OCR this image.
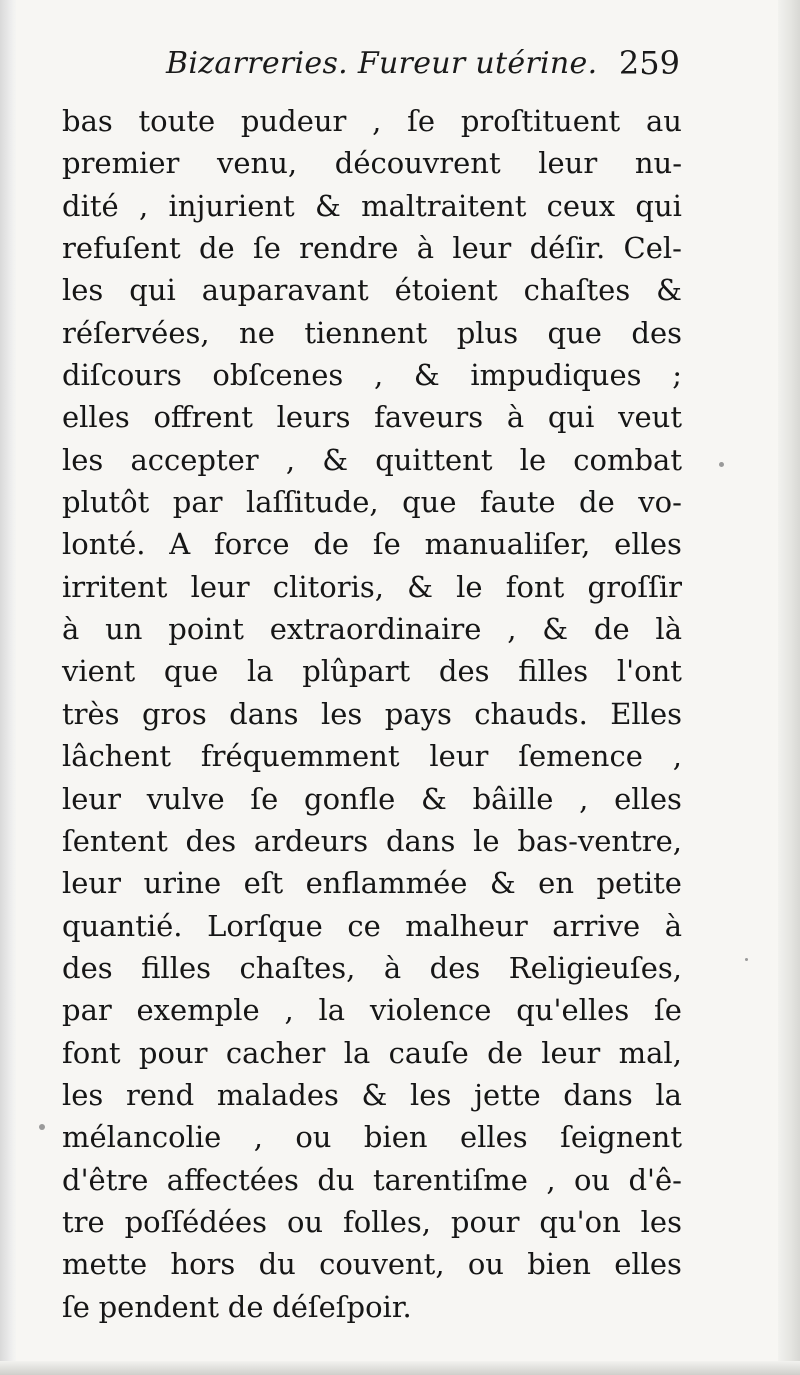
Bizarreries. Fureur utérine. 259
bas toute pudeur , ſe proſtituent au
premier venu, découvrent leur nu-
dité , injurient & maltraitent ceux qui
refuſent de ſe rendre à leur déſir. Cel-
les qui auparavant étoient chaſtes &
réſervées, ne tiennent plus que des
diſcours obſcenes , & impudiques ;
elles offrent leurs faveurs à qui veut
les accepter , & quittent le combat
plutôt par laſſitude, que faute de vo-
lonté. A force de ſe manualiſer, elles
irritent leur clitoris, & le font groſſir
à un point extraordinaire , & de là
vient que la plûpart des filles l'ont
très gros dans les pays chauds. Elles
lâchent fréquemment leur ſemence ,
leur vulve ſe gonfle & bâille , elles
ſentent des ardeurs dans le bas-ventre,
leur urine eſt enflammée & en petite
quantié. Lorſque ce malheur arrive à
des filles chaſtes, à des Religieuſes,
par exemple , la violence qu'elles ſe
font pour cacher la cauſe de leur mal,
les rend malades & les jette dans la
mélancolie , ou bien elles ſeignent
d'être affectées du tarentiſme , ou d'ê-
tre poſſédées ou folles, pour qu'on les
mette hors du couvent, ou bien elles
ſe pendent de déſeſpoir.
